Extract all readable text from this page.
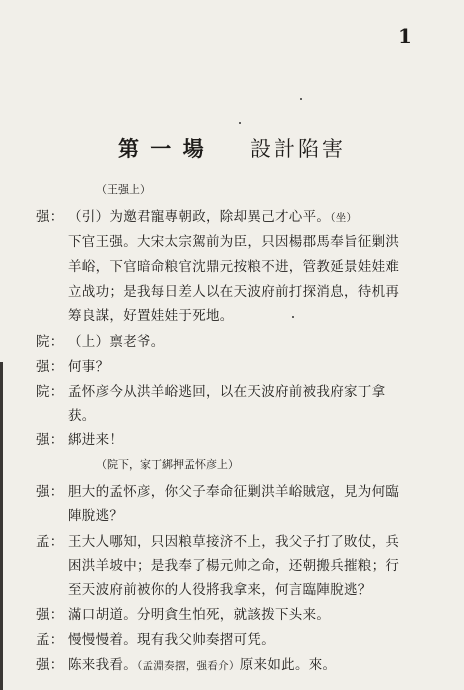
1
第 一 場 設計陷害
（王强上）
强： （引）为邀君寵專朝政，除却異己才心平。（坐）
下官王强。大宋太宗駕前为臣，只因楊郡馬奉旨征剿洪
羊峪，下官暗命粮官沈鼎元按粮不进，管教延景娃娃难
立战功；是我每日差人以在天波府前打探消息，待机再
筹良謀，好置娃娃于死地。
院： （上）禀老爷。
强： 何事？
院： 孟怀彦今从洪羊峪逃回，以在天波府前被我府家丁拿
获。
强： 綁进来！
（院下，家丁綁押孟怀彦上）
强： 胆大的孟怀彦，你父子奉命征剿洪羊峪賊寇，見为何臨
陣脫逃？
孟： 王大人哪知，只因粮草接济不上，我父子打了敗仗，兵
困洪羊坡中；是我奉了楊元帅之命，还朝搬兵摧粮；行
至天波府前被你的人役將我拿来，何言臨陣脫逃？
强： 滿口胡道。分明貪生怕死，就該拨下头来。
孟： 慢慢慢着。現有我父帅奏摺可凭。
强： 陈来我看。（孟淵奏摺，强看介）原来如此。來。
